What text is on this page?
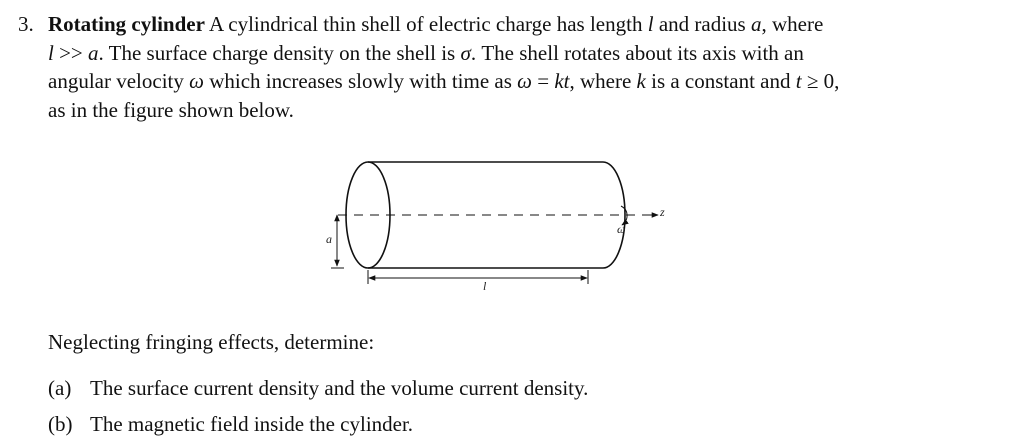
3. Rotating cylinder A cylindrical thin shell of electric charge has length l and radius a, where
l >> a. The surface charge density on the shell is σ. The shell rotates about its axis with an
angular velocity ω which increases slowly with time as ω = kt, where k is a constant and t ≥ 0,
as in the figure shown below.
a
l
ω
z
Neglecting fringing effects, determine:
(a) The surface current density and the volume current density.
(b) The magnetic field inside the cylinder.
